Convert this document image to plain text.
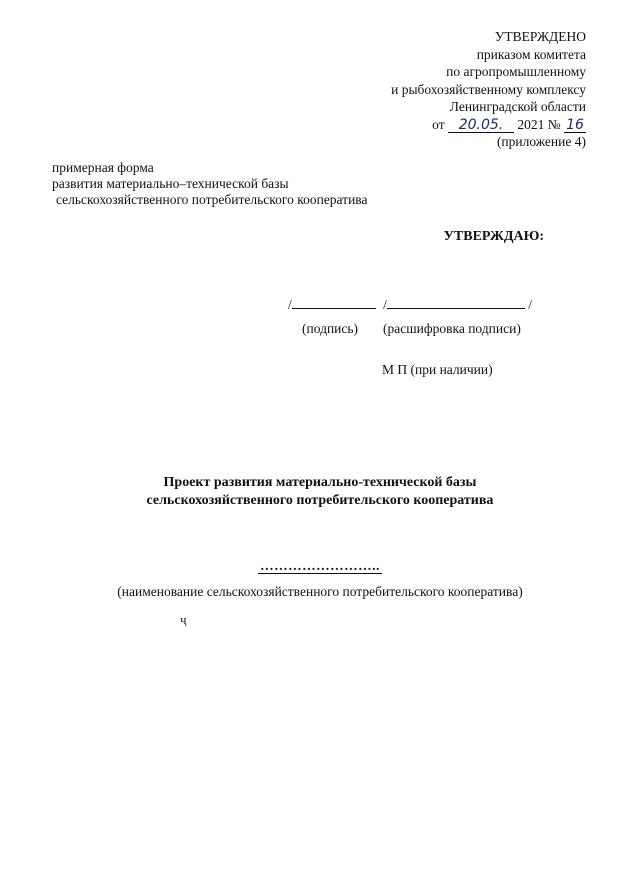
УТВЕРЖДЕНО
приказом комитета
по агропромышленному
и рыбохозяйственному комплексу
Ленинградской области
от 20.05. 2021 № 16
(приложение 4)
примерная форма
развития материально–технической базы
сельскохозяйственного потребительского кооператива
УТВЕРЖДАЮ:
/	/	/
(подпись) (расшифровка подписи)
М П (при наличии)
Проект развития материально-технической базы
сельскохозяйственного потребительского кооператива
……………………..
(наименование сельскохозяйственного потребительского кооператива)
ҷ
